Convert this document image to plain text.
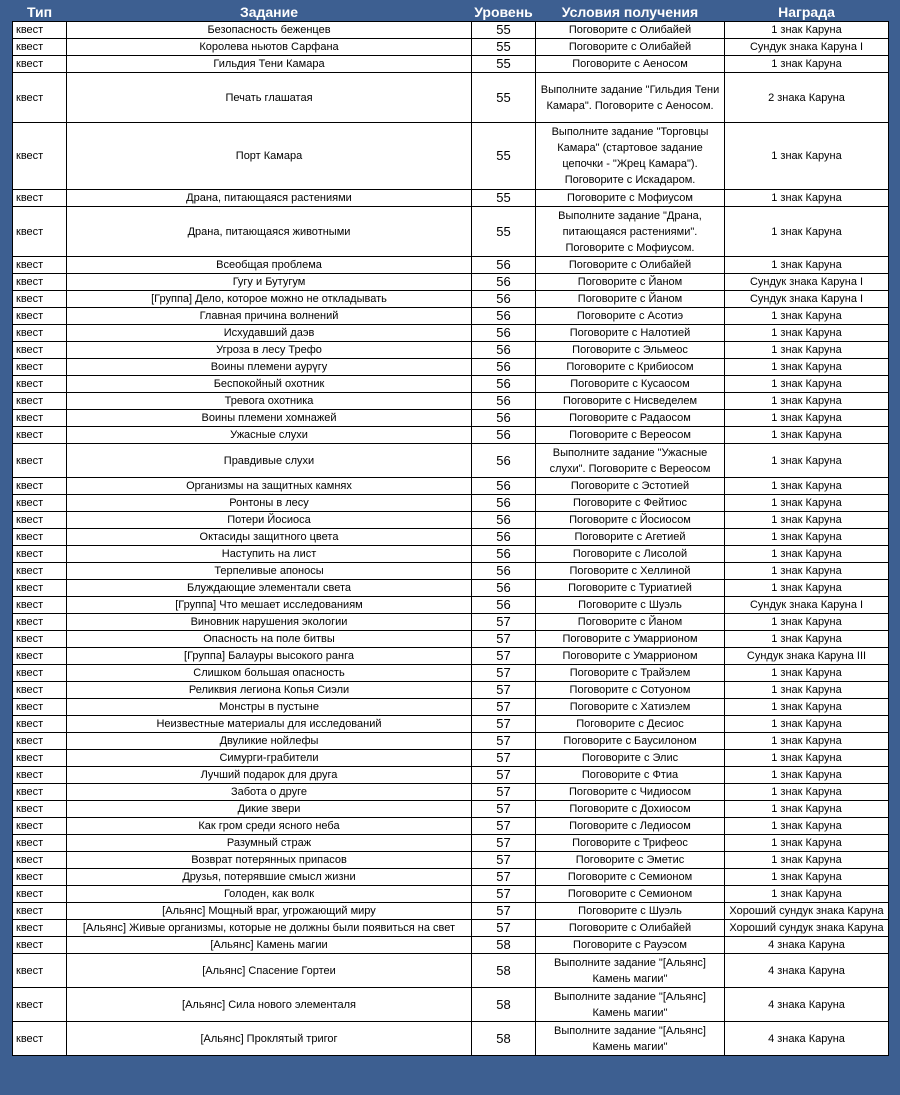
Тип	Задание	Уровень	Условия получения	Награда
квест	Безопасность беженцев	55	Поговорите с Олибайей	1 знак Каруна
квест	Королева ньютов Сарфана	55	Поговорите с Олибайей	Сундук знака Каруна I
квест	Гильдия Тени Камара	55	Поговорите с Аеносом	1 знак Каруна
квест	Печать глашатая	55	Выполните задание "Гильдия Тени Камара". Поговорите с Аеносом.	2 знака Каруна
квест	Порт Камара	55	Выполните задание "Торговцы Камара" (стартовое задание цепочки - "Жрец Камара"). Поговорите с Искадаром.	1 знак Каруна
квест	Драна, питающаяся растениями	55	Поговорите с Мофиусом	1 знак Каруна
квест	Драна, питающаяся животными	55	Выполните задание "Драна, питающаяся растениями". Поговорите с Мофиусом.	1 знак Каруна
квест	Всеобщая проблема	56	Поговорите с Олибайей	1 знак Каруна
квест	Гугу и Бутугум	56	Поговорите с Йаном	Сундук знака Каруна I
квест	[Группа] Дело, которое можно не откладывать	56	Поговорите с Йаном	Сундук знака Каруна I
квест	Главная причина волнений	56	Поговорите с Асотиэ	1 знак Каруна
квест	Исхудавший даэв	56	Поговорите с Налотией	1 знак Каруна
квест	Угроза в лесу Трефо	56	Поговорите с Эльмеос	1 знак Каруна
квест	Воины племени аурүгу	56	Поговорите с Крибиосом	1 знак Каруна
квест	Беспокойный охотник	56	Поговорите с Кусаосом	1 знак Каруна
квест	Тревога охотника	56	Поговорите с Нисведелем	1 знак Каруна
квест	Воины племени хомнажей	56	Поговорите с Радаосом	1 знак Каруна
квест	Ужасные слухи	56	Поговорите с Вереосом	1 знак Каруна
квест	Правдивые слухи	56	Выполните задание "Ужасные слухи". Поговорите с Вереосом	1 знак Каруна
квест	Организмы на защитных камнях	56	Поговорите с Эстотией	1 знак Каруна
квест	Ронтоны в лесу	56	Поговорите с Фейтиос	1 знак Каруна
квест	Потери Йосиоса	56	Поговорите с Йосиосом	1 знак Каруна
квест	Октасиды защитного цвета	56	Поговорите с Агетией	1 знак Каруна
квест	Наступить на лист	56	Поговорите с Лисолой	1 знак Каруна
квест	Терпеливые апоносы	56	Поговорите с Хеллиной	1 знак Каруна
квест	Блуждающие элементали света	56	Поговорите с Туриатией	1 знак Каруна
квест	[Группа] Что мешает исследованиям	56	Поговорите с Шуэль	Сундук знака Каруна I
квест	Виновник нарушения экологии	57	Поговорите с Йаном	1 знак Каруна
квест	Опасность на поле битвы	57	Поговорите с Умаррионом	1 знак Каруна
квест	[Группа] Балауры высокого ранга	57	Поговорите с Умаррионом	Сундук знака Каруна III
квест	Слишком большая опасность	57	Поговорите с Трайэлем	1 знак Каруна
квест	Реликвия легиона Копья Сиэли	57	Поговорите с Сотуоном	1 знак Каруна
квест	Монстры в пустыне	57	Поговорите с Хатиэлем	1 знак Каруна
квест	Неизвестные материалы для исследований	57	Поговорите с Десиос	1 знак Каруна
квест	Двуликие нойлефы	57	Поговорите с Баусилоном	1 знак Каруна
квест	Симурги-грабители	57	Поговорите с Элис	1 знак Каруна
квест	Лучший подарок для друга	57	Поговорите с Фтиа	1 знак Каруна
квест	Забота о друге	57	Поговорите с Чидиосом	1 знак Каруна
квест	Дикие звери	57	Поговорите с Дохиосом	1 знак Каруна
квест	Как гром среди ясного неба	57	Поговорите с Ледиосом	1 знак Каруна
квест	Разумный страж	57	Поговорите с Трифеос	1 знак Каруна
квест	Возврат потерянных припасов	57	Поговорите с Эметис	1 знак Каруна
квест	Друзья, потерявшие смысл жизни	57	Поговорите с Семионом	1 знак Каруна
квест	Голоден, как волк	57	Поговорите с Семионом	1 знак Каруна
квест	[Альянс] Мощный враг, угрожающий миру	57	Поговорите с Шуэль	Хороший сундук знака Каруна
квест	[Альянс] Живые организмы, которые не должны были появиться на свет	57	Поговорите с Олибайей	Хороший сундук знака Каруна
квест	[Альянс] Камень магии	58	Поговорите с Рауэсом	4 знака Каруна
квест	[Альянс] Спасение Гортеи	58	Выполните задание "[Альянс] Камень магии"	4 знака Каруна
квест	[Альянс] Сила нового элементаля	58	Выполните задание "[Альянс] Камень магии"	4 знака Каруна
квест	[Альянс] Проклятый тригог	58	Выполните задание "[Альянс] Камень магии"	4 знака Каруна
